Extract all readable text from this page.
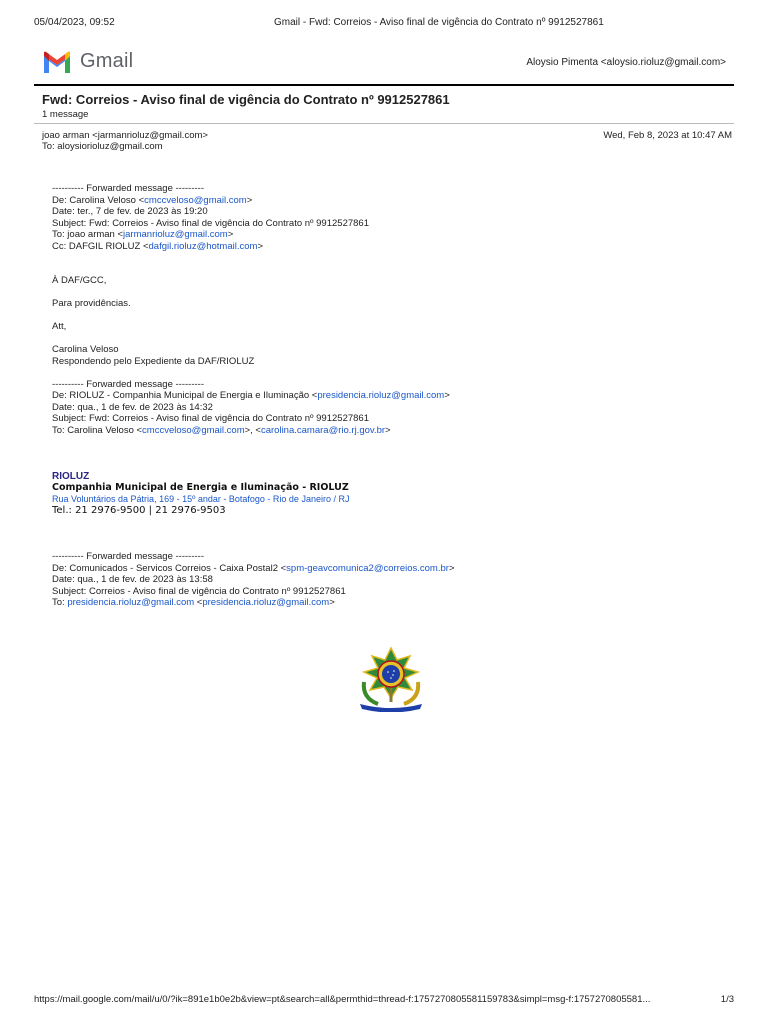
05/04/2023, 09:52	Gmail - Fwd: Correios - Aviso final de vigência do Contrato nº 9912527861
Gmail	Aloysio Pimenta <aloysio.rioluz@gmail.com>
Fwd: Correios - Aviso final de vigência do Contrato nº 9912527861
1 message
joao arman <jarmanrioluz@gmail.com>
To: aloysiorioluz@gmail.com
Wed, Feb 8, 2023 at 10:47 AM
---------- Forwarded message ---------
De: Carolina Veloso <cmccveloso@gmail.com>
Date: ter., 7 de fev. de 2023 às 19:20
Subject: Fwd: Correios - Aviso final de vigência do Contrato nº 9912527861
To: joao arman <jarmanrioluz@gmail.com>
Cc: DAFGIL RIOLUZ <dafgil.rioluz@hotmail.com>
À DAF/GCC,
Para providências.
Att,
Carolina Veloso
Respondendo pelo Expediente da DAF/RIOLUZ
---------- Forwarded message ---------
De: RIOLUZ - Companhia Municipal de Energia e Iluminação <presidencia.rioluz@gmail.com>
Date: qua., 1 de fev. de 2023 às 14:32
Subject: Fwd: Correios - Aviso final de vigência do Contrato nº 9912527861
To: Carolina Veloso <cmccveloso@gmail.com>, <carolina.camara@rio.rj.gov.br>
RIOLUZ
Companhia Municipal de Energia e Iluminação - RIOLUZ
Rua Voluntários da Pátria, 169 - 15º andar - Botafogo - Rio de Janeiro / RJ
Tel.: 21 2976-9500 | 21 2976-9503
---------- Forwarded message ---------
De: Comunicados - Servicos Correios - Caixa Postal2 <spm-geavcomunica2@correios.com.br>
Date: qua., 1 de fev. de 2023 às 13:58
Subject: Correios - Aviso final de vigência do Contrato nº 9912527861
To: presidencia.rioluz@gmail.com <presidencia.rioluz@gmail.com>
https://mail.google.com/mail/u/0/?ik=891e1b0e2b&view=pt&search=all&permthid=thread-f:1757270805581159783&simpl=msg-f:1757270805581...	1/3
